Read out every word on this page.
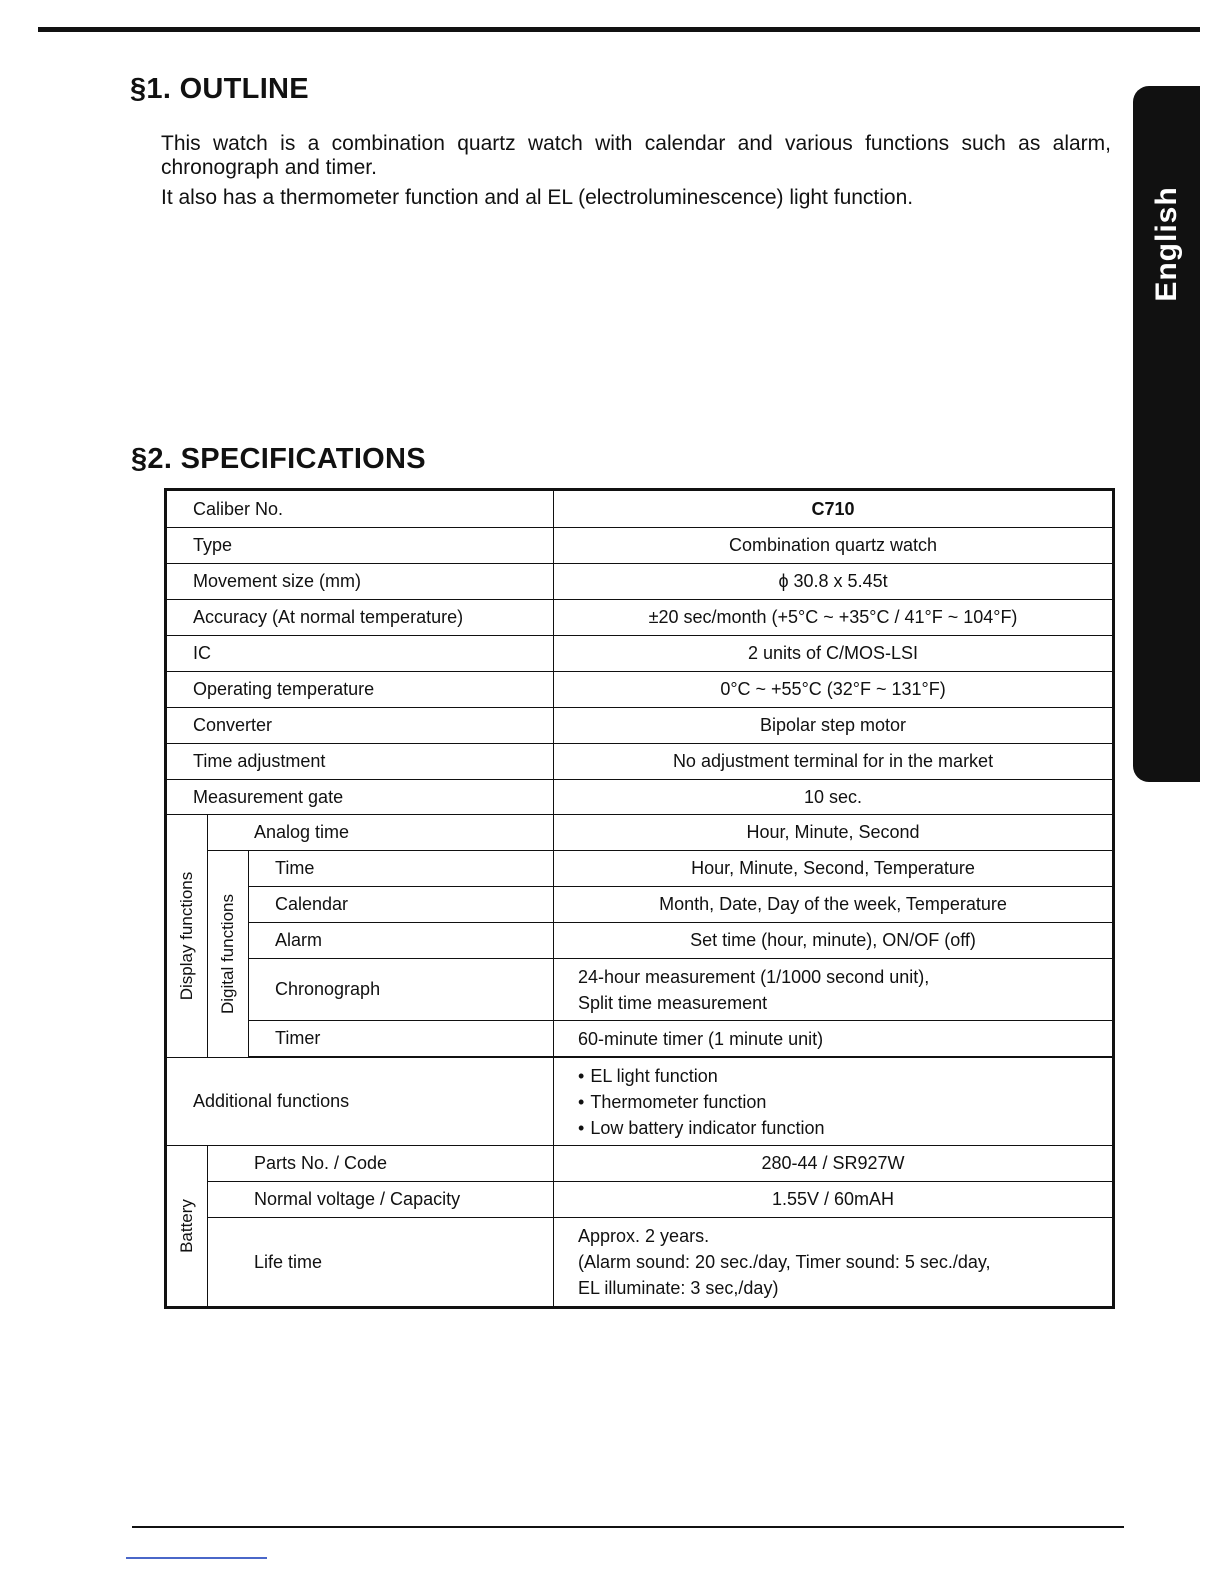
English
§1. OUTLINE

This watch is a combination quartz watch with calendar and various functions such as alarm, chronograph and timer.

It also has a thermometer function and al EL (electroluminescence) light function.

§2. SPECIFICATIONS
Caliber No.			C710
Type			Combination quartz watch
Movement size (mm)			ϕ 30.8 x 5.45t
Accuracy (At normal temperature)			±20 sec/month (+5°C ~ +35°C / 41°F ~ 104°F)
IC			2 units of C/MOS-LSI
Operating temperature			0°C ~ +55°C (32°F ~ 131°F)
Converter			Bipolar step motor
Time adjustment			No adjustment terminal for in the market
Measurement gate			10 sec.

Display functions	Analog time		Hour, Minute, Second

	Digital functions	Time	Hour, Minute, Second, Temperature
		Calendar	Month, Date, Day of the week, Temperature
		Alarm	Set time (hour, minute), ON/OF (off)
		Chronograph	24-hour measurement (1/1000 second unit),
Split time measurement

		Timer	60-minute timer (1 minute unit)

Additional functions			• EL light function
• Thermometer function
• Low battery indicator function

Battery	Parts No. / Code		280-44 / SR927W
	Normal voltage / Capacity		1.55V / 60mAH
	Life time		Approx. 2 years.
(Alarm sound: 20 sec./day, Timer sound: 5 sec./day,
EL illuminate: 3 sec,/day)
